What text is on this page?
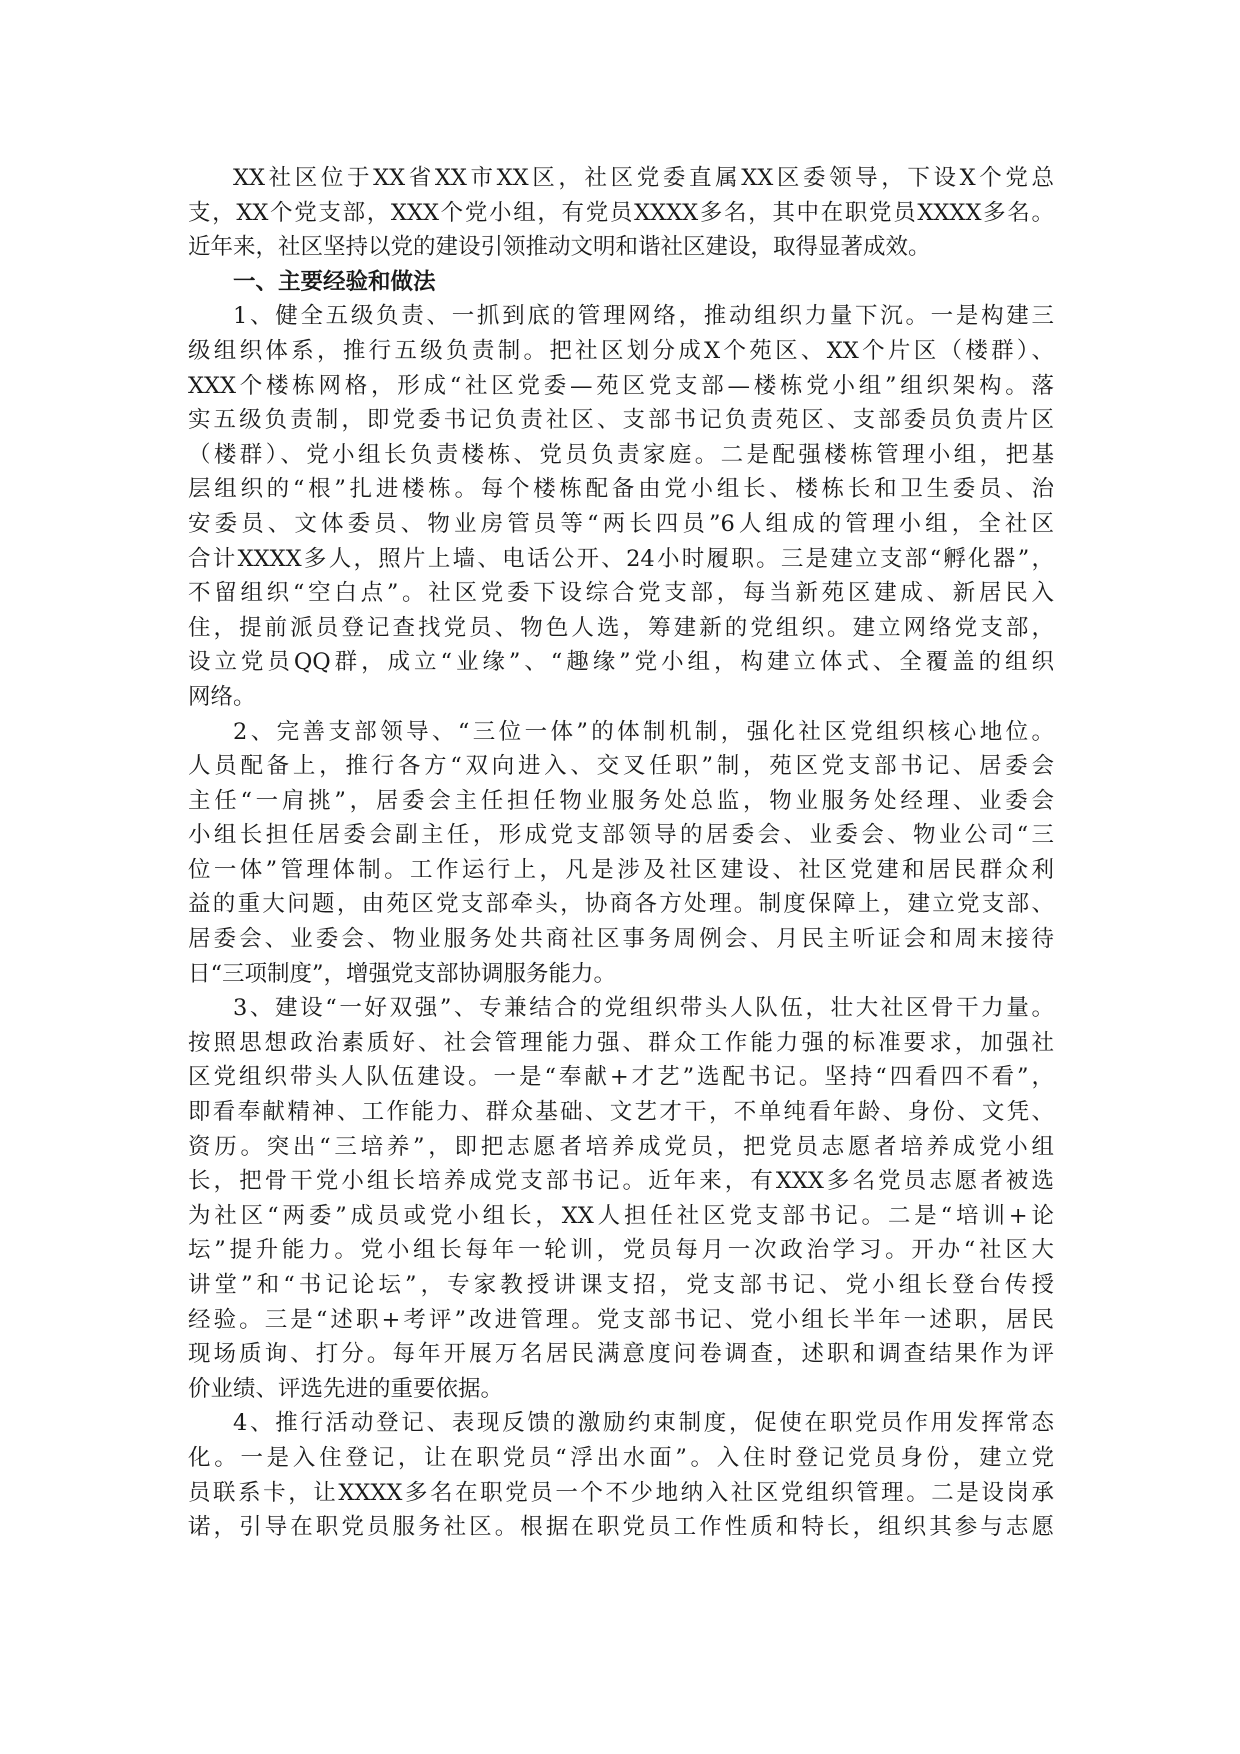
XX社区位于XX省XX市XX区，社区党委直属XX区委领导，下设X个党总
支，XX个党支部，XXX个党小组，有党员XXXX多名，其中在职党员XXXX多名。
近年来，社区坚持以党的建设引领推动文明和谐社区建设，取得显著成效。
一、主要经验和做法
1、健全五级负责、一抓到底的管理网络，推动组织力量下沉。一是构建三
级组织体系，推行五级负责制。把社区划分成X个苑区、XX个片区（楼群）、
XXX个楼栋网格，形成“社区党委—苑区党支部—楼栋党小组”组织架构。落
实五级负责制，即党委书记负责社区、支部书记负责苑区、支部委员负责片区
（楼群）、党小组长负责楼栋、党员负责家庭。二是配强楼栋管理小组，把基
层组织的“根”扎进楼栋。每个楼栋配备由党小组长、楼栋长和卫生委员、治
安委员、文体委员、物业房管员等“两长四员”6人组成的管理小组，全社区
合计XXXX多人，照片上墙、电话公开、24小时履职。三是建立支部“孵化器”，
不留组织“空白点”。社区党委下设综合党支部，每当新苑区建成、新居民入
住，提前派员登记查找党员、物色人选，筹建新的党组织。建立网络党支部，
设立党员QQ群，成立“业缘”、“趣缘”党小组，构建立体式、全覆盖的组织
网络。
2、完善支部领导、“三位一体”的体制机制，强化社区党组织核心地位。
人员配备上，推行各方“双向进入、交叉任职”制，苑区党支部书记、居委会
主任“一肩挑”，居委会主任担任物业服务处总监，物业服务处经理、业委会
小组长担任居委会副主任，形成党支部领导的居委会、业委会、物业公司“三
位一体”管理体制。工作运行上，凡是涉及社区建设、社区党建和居民群众利
益的重大问题，由苑区党支部牵头，协商各方处理。制度保障上，建立党支部、
居委会、业委会、物业服务处共商社区事务周例会、月民主听证会和周末接待
日“三项制度”，增强党支部协调服务能力。
3、建设“一好双强”、专兼结合的党组织带头人队伍，壮大社区骨干力量。
按照思想政治素质好、社会管理能力强、群众工作能力强的标准要求，加强社
区党组织带头人队伍建设。一是“奉献+才艺”选配书记。坚持“四看四不看”，
即看奉献精神、工作能力、群众基础、文艺才干，不单纯看年龄、身份、文凭、
资历。突出“三培养”，即把志愿者培养成党员，把党员志愿者培养成党小组
长，把骨干党小组长培养成党支部书记。近年来，有XXX多名党员志愿者被选
为社区“两委”成员或党小组长，XX人担任社区党支部书记。二是“培训+论
坛”提升能力。党小组长每年一轮训，党员每月一次政治学习。开办“社区大
讲堂”和“书记论坛”，专家教授讲课支招，党支部书记、党小组长登台传授
经验。三是“述职+考评”改进管理。党支部书记、党小组长半年一述职，居民
现场质询、打分。每年开展万名居民满意度问卷调查，述职和调查结果作为评
价业绩、评选先进的重要依据。
4、推行活动登记、表现反馈的激励约束制度，促使在职党员作用发挥常态
化。一是入住登记，让在职党员“浮出水面”。入住时登记党员身份，建立党
员联系卡，让XXXX多名在职党员一个不少地纳入社区党组织管理。二是设岗承
诺，引导在职党员服务社区。根据在职党员工作性质和特长，组织其参与志愿
